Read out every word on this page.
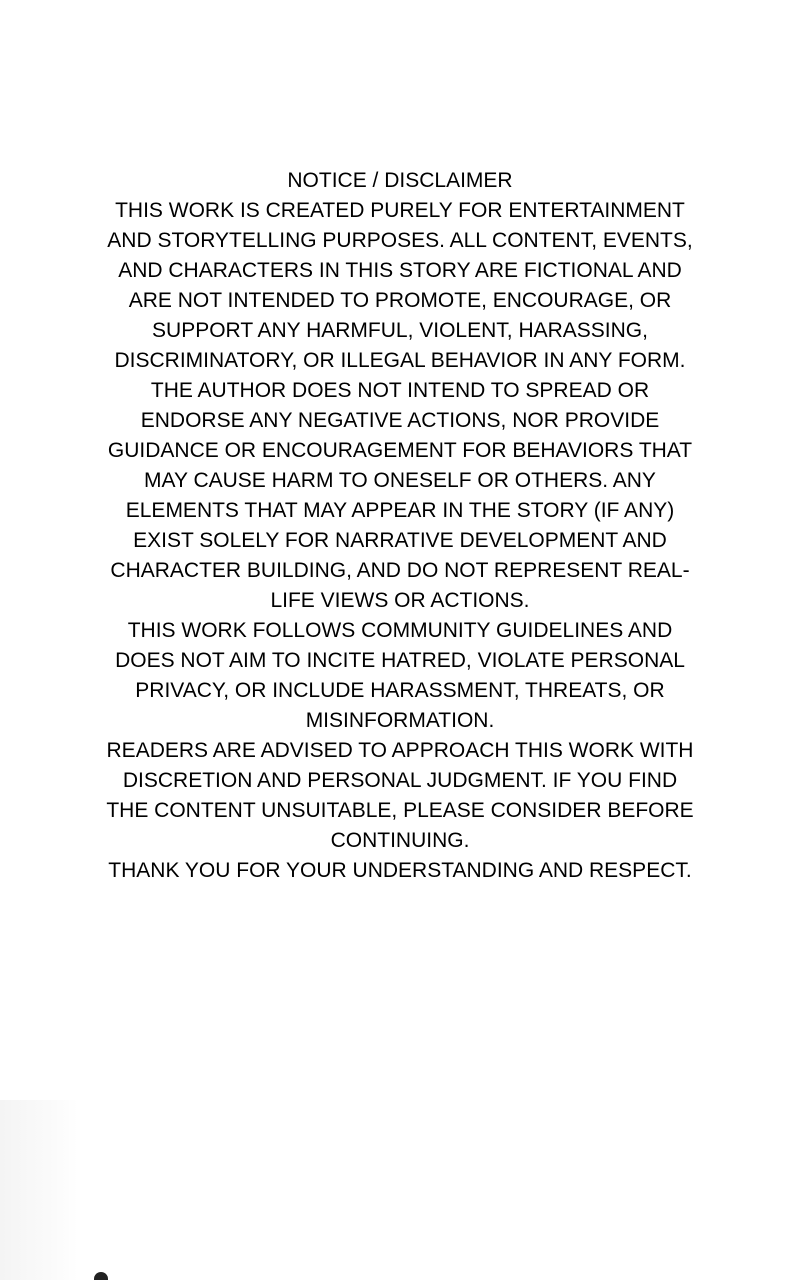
NOTICE / DISCLAIMER
THIS WORK IS CREATED PURELY FOR ENTERTAINMENT
AND STORYTELLING PURPOSES. ALL CONTENT, EVENTS,
AND CHARACTERS IN THIS STORY ARE FICTIONAL AND
ARE NOT INTENDED TO PROMOTE, ENCOURAGE, OR
SUPPORT ANY HARMFUL, VIOLENT, HARASSING,
DISCRIMINATORY, OR ILLEGAL BEHAVIOR IN ANY FORM.
THE AUTHOR DOES NOT INTEND TO SPREAD OR
ENDORSE ANY NEGATIVE ACTIONS, NOR PROVIDE
GUIDANCE OR ENCOURAGEMENT FOR BEHAVIORS THAT
MAY CAUSE HARM TO ONESELF OR OTHERS. ANY
ELEMENTS THAT MAY APPEAR IN THE STORY (IF ANY)
EXIST SOLELY FOR NARRATIVE DEVELOPMENT AND
CHARACTER BUILDING, AND DO NOT REPRESENT REAL-
LIFE VIEWS OR ACTIONS.
THIS WORK FOLLOWS COMMUNITY GUIDELINES AND
DOES NOT AIM TO INCITE HATRED, VIOLATE PERSONAL
PRIVACY, OR INCLUDE HARASSMENT, THREATS, OR
MISINFORMATION.
READERS ARE ADVISED TO APPROACH THIS WORK WITH
DISCRETION AND PERSONAL JUDGMENT. IF YOU FIND
THE CONTENT UNSUITABLE, PLEASE CONSIDER BEFORE
CONTINUING.
THANK YOU FOR YOUR UNDERSTANDING AND RESPECT.
